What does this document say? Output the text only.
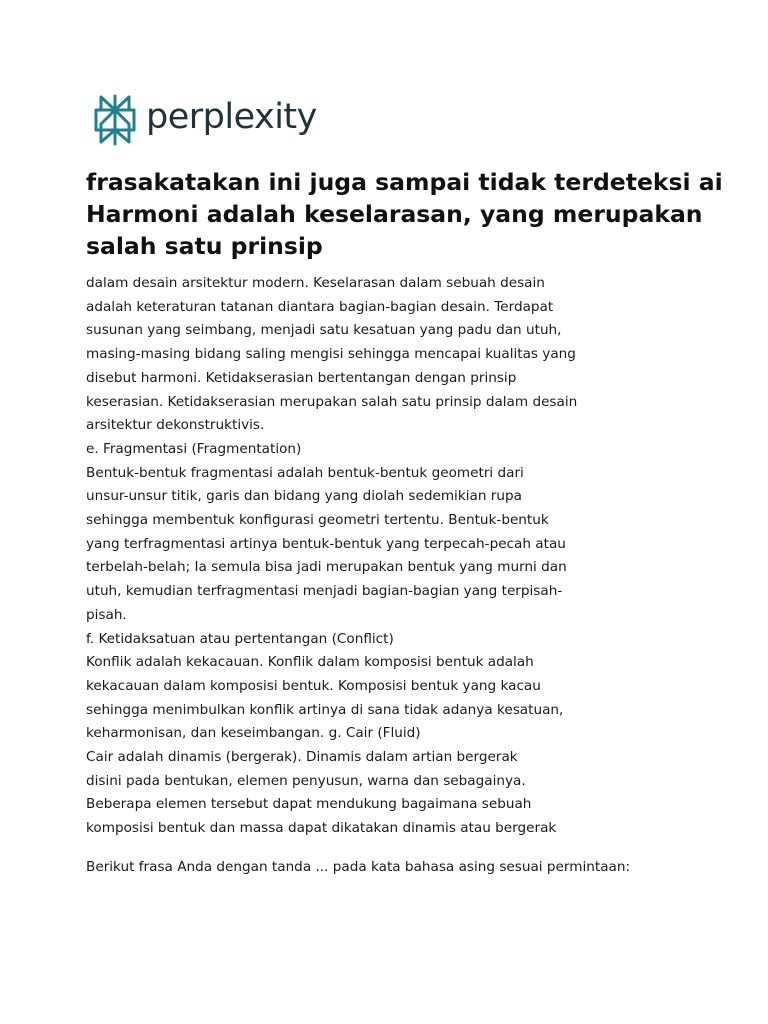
perplexity
frasakatakan ini juga sampai tidak terdeteksi ai Harmoni adalah keselarasan, yang merupakan salah satu prinsip
dalam desain arsitektur modern. Keselarasan dalam sebuah desain
adalah keteraturan tatanan diantara bagian-bagian desain. Terdapat
susunan yang seimbang, menjadi satu kesatuan yang padu dan utuh,
masing-masing bidang saling mengisi sehingga mencapai kualitas yang
disebut harmoni. Ketidakserasian bertentangan dengan prinsip
keserasian. Ketidakserasian merupakan salah satu prinsip dalam desain
arsitektur dekonstruktivis.
e. Fragmentasi (Fragmentation)
Bentuk-bentuk fragmentasi adalah bentuk-bentuk geometri dari
unsur-unsur titik, garis dan bidang yang diolah sedemikian rupa
sehingga membentuk konfigurasi geometri tertentu. Bentuk-bentuk
yang terfragmentasi artinya bentuk-bentuk yang terpecah-pecah atau
terbelah-belah; Ia semula bisa jadi merupakan bentuk yang murni dan
utuh, kemudian terfragmentasi menjadi bagian-bagian yang terpisah-
pisah.
f. Ketidaksatuan atau pertentangan (Conflict)
Konflik adalah kekacauan. Konflik dalam komposisi bentuk adalah
kekacauan dalam komposisi bentuk. Komposisi bentuk yang kacau
sehingga menimbulkan konflik artinya di sana tidak adanya kesatuan,
keharmonisan, dan keseimbangan. g. Cair (Fluid)
Cair adalah dinamis (bergerak). Dinamis dalam artian bergerak
disini pada bentukan, elemen penyusun, warna dan sebagainya.
Beberapa elemen tersebut dapat mendukung bagaimana sebuah
komposisi bentuk dan massa dapat dikatakan dinamis atau bergerak

Berikut frasa Anda dengan tanda ... pada kata bahasa asing sesuai permintaan:
